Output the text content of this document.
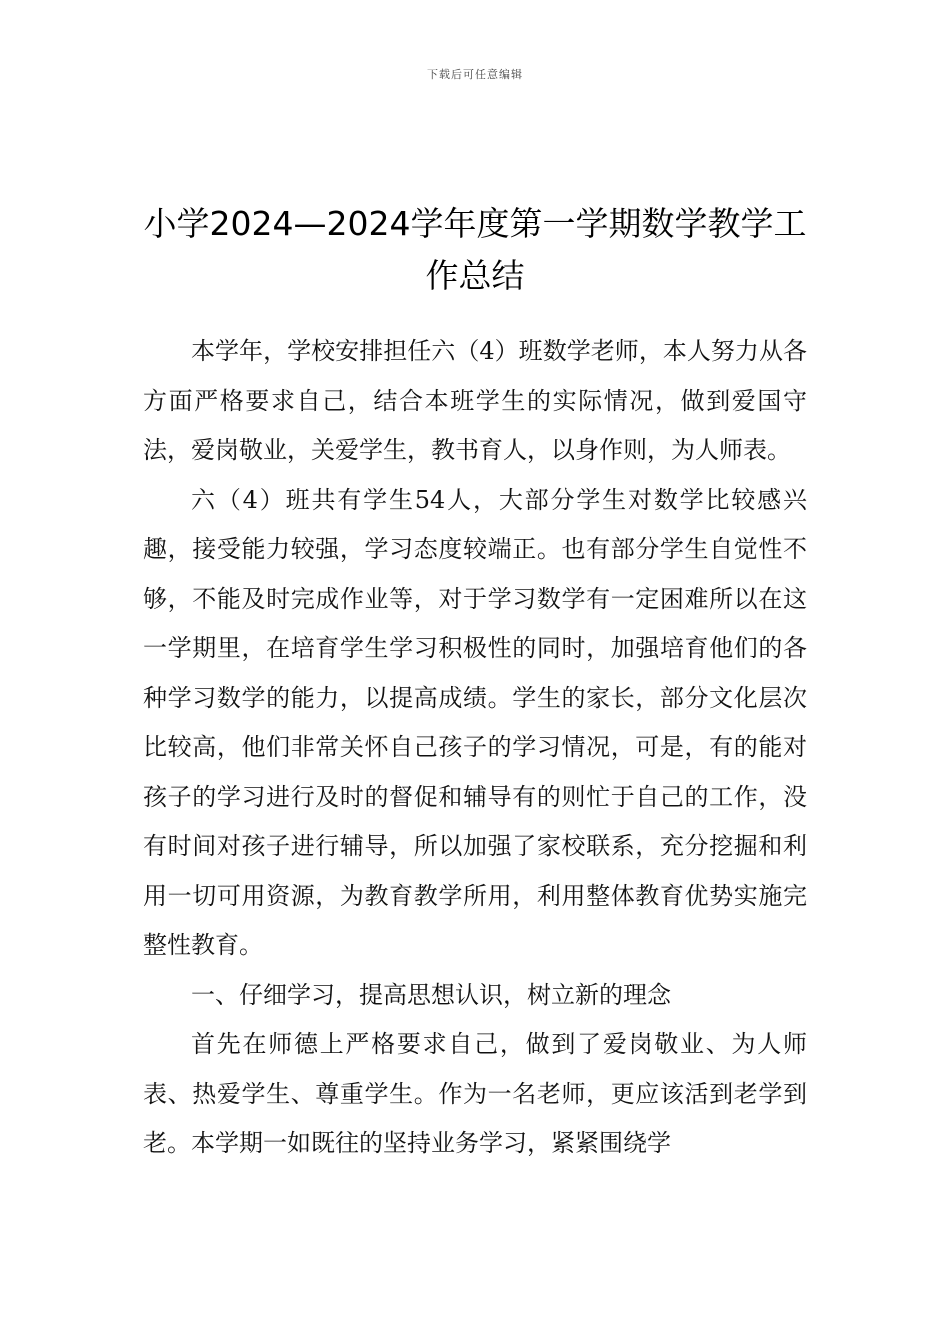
下载后可任意编辑
小学2024—2024学年度第一学期数学教学工作总结

本学年，学校安排担任六（4）班数学老师，本人努力从各方面严格要求自己，结合本班学生的实际情况，做到爱国守法，爱岗敬业，关爱学生，教书育人，以身作则，为人师表。

六（4）班共有学生54人，大部分学生对数学比较感兴趣，接受能力较强，学习态度较端正。也有部分学生自觉性不够，不能及时完成作业等，对于学习数学有一定困难所以在这一学期里，在培育学生学习积极性的同时，加强培育他们的各种学习数学的能力，以提高成绩。学生的家长，部分文化层次比较高，他们非常关怀自己孩子的学习情况，可是，有的能对孩子的学习进行及时的督促和辅导有的则忙于自己的工作，没有时间对孩子进行辅导，所以加强了家校联系，充分挖掘和利用一切可用资源，为教育教学所用，利用整体教育优势实施完整性教育。

一、仔细学习，提高思想认识，树立新的理念

首先在师德上严格要求自己，做到了爱岗敬业、为人师表、热爱学生、尊重学生。作为一名老师，更应该活到老学到老。本学期一如既往的坚持业务学习，紧紧围绕学
